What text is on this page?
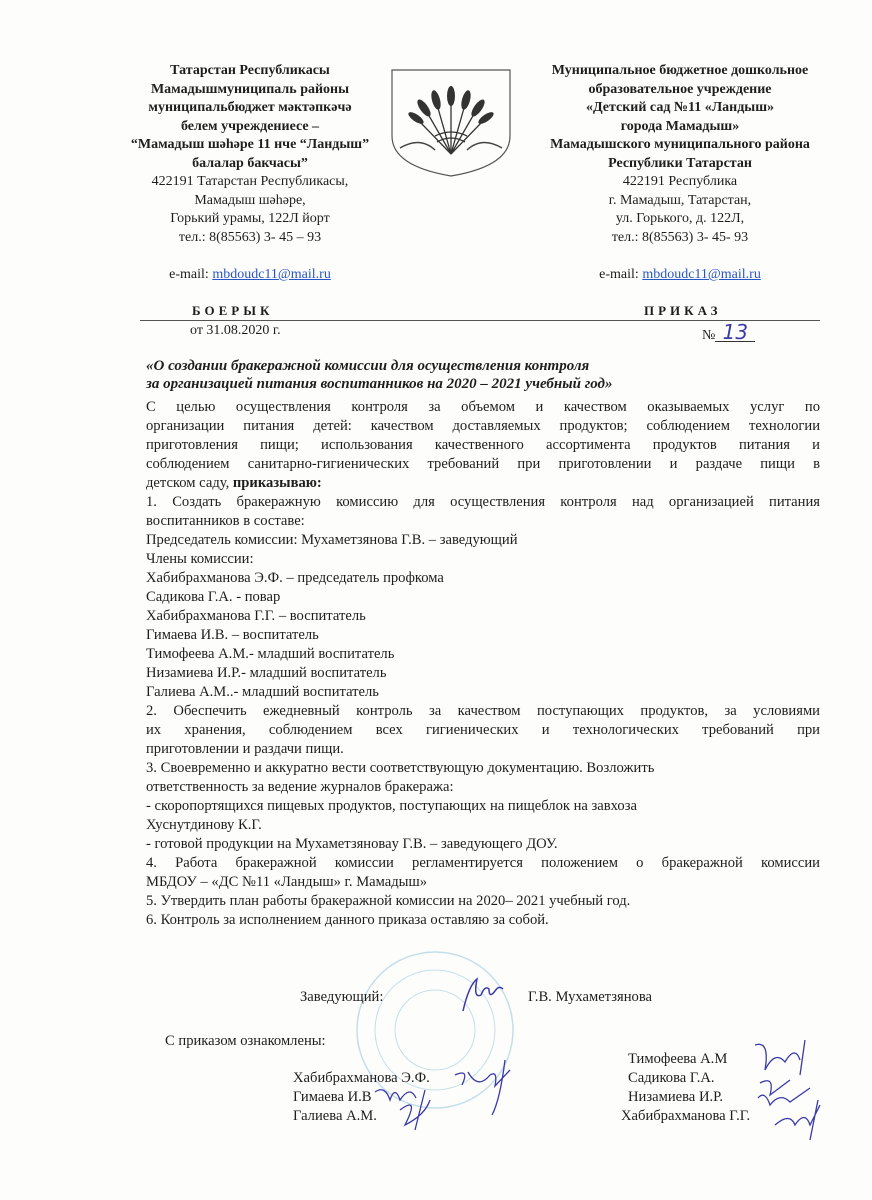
Татарстан Республикасы
Мамадышмуниципаль районы
муниципальбюджет мәктәпкәчә
белем учреждениесе –
“Мамадыш шәһәре 11 нче “Ландыш”
балалар бакчасы”
422191 Татарстан Республикасы,
Мамадыш шәһәре,
Горький урамы, 122Л йорт
тел.: 8(85563) 3- 45 – 93
e-mail: mbdoudc11@mail.ru
Муниципальное бюджетное дошкольное
образовательное учреждение
«Детский сад №11 «Ландыш»
города Мамадыш»
Мамадышского муниципального района
Республики Татарстан
422191 Республика
г. Мамадыш, Татарстан,
ул. Горького, д. 122Л,
тел.: 8(85563) 3- 45- 93
e-mail: mbdoudc11@mail.ru
БОЕРЫК	ПРИКАЗ
от 31.08.2020 г.	№ 13
«О создании бракеражной комиссии для осуществления контроля
за организацией питания воспитанников на 2020 – 2021 учебный год»
С целью осуществления контроля за объемом и качеством оказываемых услуг по
организации питания детей: качеством доставляемых продуктов; соблюдением технологии
приготовления пищи; использования качественного ассортимента продуктов питания и
соблюдением санитарно-гигиенических требований при приготовлении и раздаче пищи в
детском саду, приказываю:
1. Создать бракеражную комиссию для осуществления контроля над организацией питания
воспитанников в составе:
Председатель комиссии: Мухаметзянова Г.В. – заведующий
Члены комиссии:
Хабибрахманова Э.Ф. – председатель профкома
Садикова Г.А. - повар
Хабибрахманова Г.Г. – воспитатель
Гимаева И.В. – воспитатель
Тимофеева А.М.- младший воспитатель
Низамиева И.Р.- младший воспитатель
Галиева А.М..- младший воспитатель
2. Обеспечить ежедневный контроль за качеством поступающих продуктов, за условиями
их хранения, соблюдением всех гигиенических и технологических требований при
приготовлении и раздачи пищи.
3. Своевременно и аккуратно вести соответствующую документацию. Возложить
ответственность за ведение журналов бракеража:
- скоропортящихся пищевых продуктов, поступающих на пищеблок на завхоза
Хуснутдинову К.Г.
- готовой продукции на Мухаметзяноваy Г.В. – заведующего ДОУ.
4. Работа бракеражной комиссии регламентируется положением о бракеражной комиссии
МБДОУ – «ДС №11 «Ландыш» г. Мамадыш»
5. Утвердить план работы бракеражной комиссии на 2020– 2021 учебный год.
6. Контроль за исполнением данного приказа оставляю за собой.
Заведующий:	Г.В. Мухаметзянова
С приказом ознакомлены:
Хабибрахманова Э.Ф.
Гимаева И.В
Галиева А.М.
Тимофеева А.М
Садикова Г.А.
Низамиева И.Р.
Хабибрахманова Г.Г.
